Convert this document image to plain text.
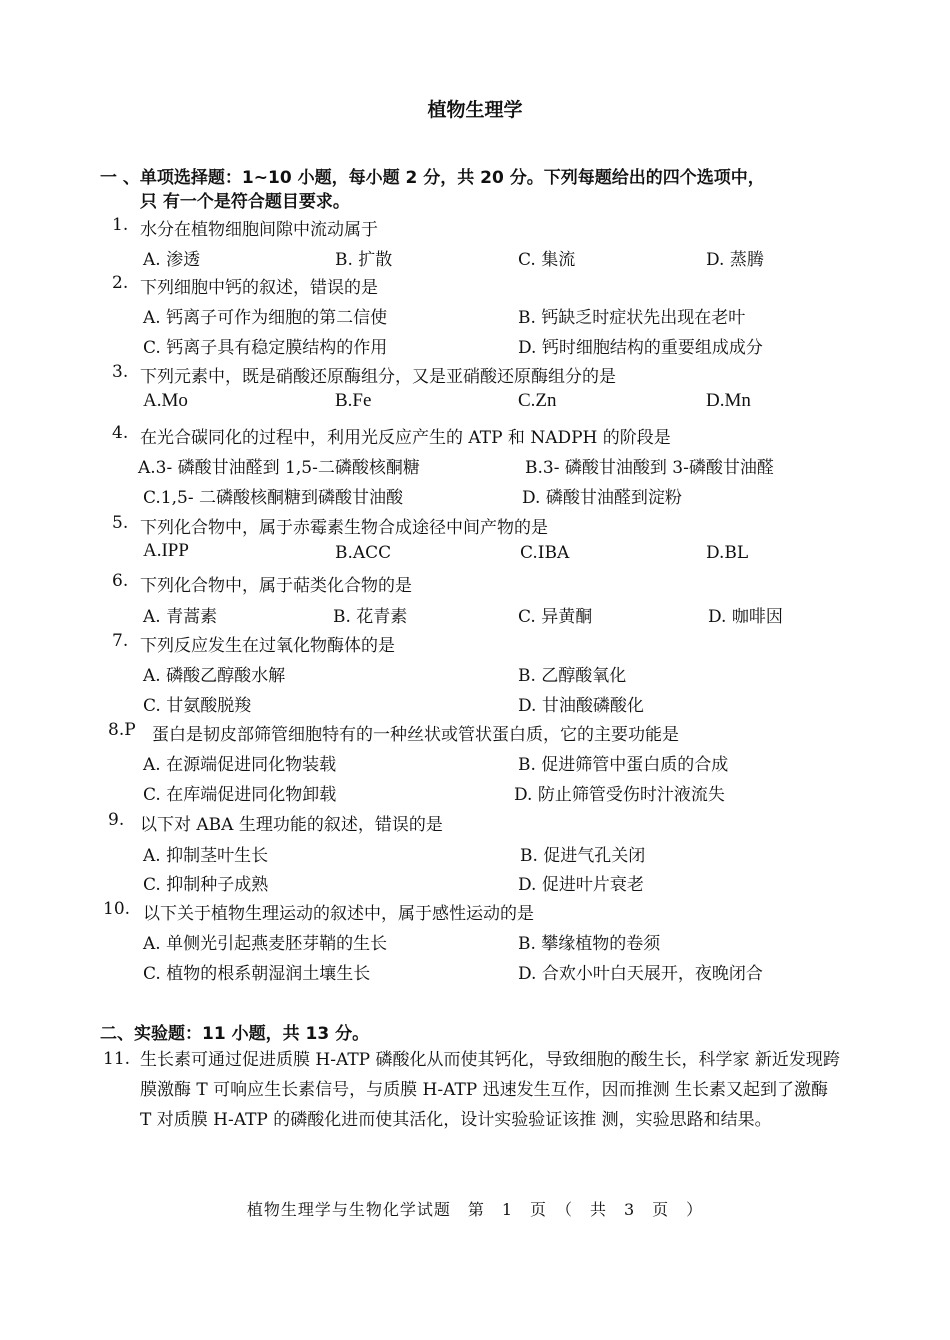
植物生理学
一 、单项选择题：1~10 小题，每小题 2 分，共 20 分。下列每题给出的四个选项中，
只 有一个是符合题目要求。
1. 水分在植物细胞间隙中流动属于
A. 渗透	B. 扩散	C. 集流	D. 蒸腾
2. 下列细胞中钙的叙述，错误的是
A. 钙离子可作为细胞的第二信使	B. 钙缺乏时症状先出现在老叶
C. 钙离子具有稳定膜结构的作用	D. 钙时细胞结构的重要组成成分
3. 下列元素中，既是硝酸还原酶组分，又是亚硝酸还原酶组分的是
A.Mo	B.Fe	C.Zn	D.Mn
4. 在光合碳同化的过程中，利用光反应产生的 ATP 和 NADPH 的阶段是
A.3- 磷酸甘油醛到 1,5-二磷酸核酮糖	B.3- 磷酸甘油酸到 3-磷酸甘油醛
C.1,5- 二磷酸核酮糖到磷酸甘油酸	D. 磷酸甘油醛到淀粉
5. 下列化合物中，属于赤霉素生物合成途径中间产物的是
A.IPP	B.ACC	C.IBA	D.BL
6. 下列化合物中，属于萜类化合物的是
A. 青蒿素	B. 花青素	C. 异黄酮	D. 咖啡因
7. 下列反应发生在过氧化物酶体的是
A. 磷酸乙醇酸水解	B. 乙醇酸氧化
C. 甘氨酸脱羧	D. 甘油酸磷酸化
8.P 蛋白是韧皮部筛管细胞特有的一种丝状或管状蛋白质，它的主要功能是
A. 在源端促进同化物装载	B. 促进筛管中蛋白质的合成
C. 在库端促进同化物卸载	D. 防止筛管受伤时汁液流失
9. 以下对 ABA 生理功能的叙述，错误的是
A. 抑制茎叶生长	B. 促进气孔关闭
C. 抑制种子成熟	D. 促进叶片衰老
10. 以下关于植物生理运动的叙述中，属于感性运动的是
A. 单侧光引起燕麦胚芽鞘的生长	B. 攀缘植物的卷须
C. 植物的根系朝湿润土壤生长	D. 合欢小叶白天展开，夜晚闭合
二、实验题：11 小题，共 13 分。
11. 生长素可通过促进质膜 H-ATP 磷酸化从而使其钙化，导致细胞的酸生长，科学家 新近发现跨膜激酶 T 可响应生长素信号，与质膜 H-ATP 迅速发生互作，因而推测 生长素又起到了激酶 T 对质膜 H-ATP 的磷酸化进而使其活化，设计实验验证该推 测，实验思路和结果。
植物生理学与生物化学试题　第　1　页　（　共　3　页　）
